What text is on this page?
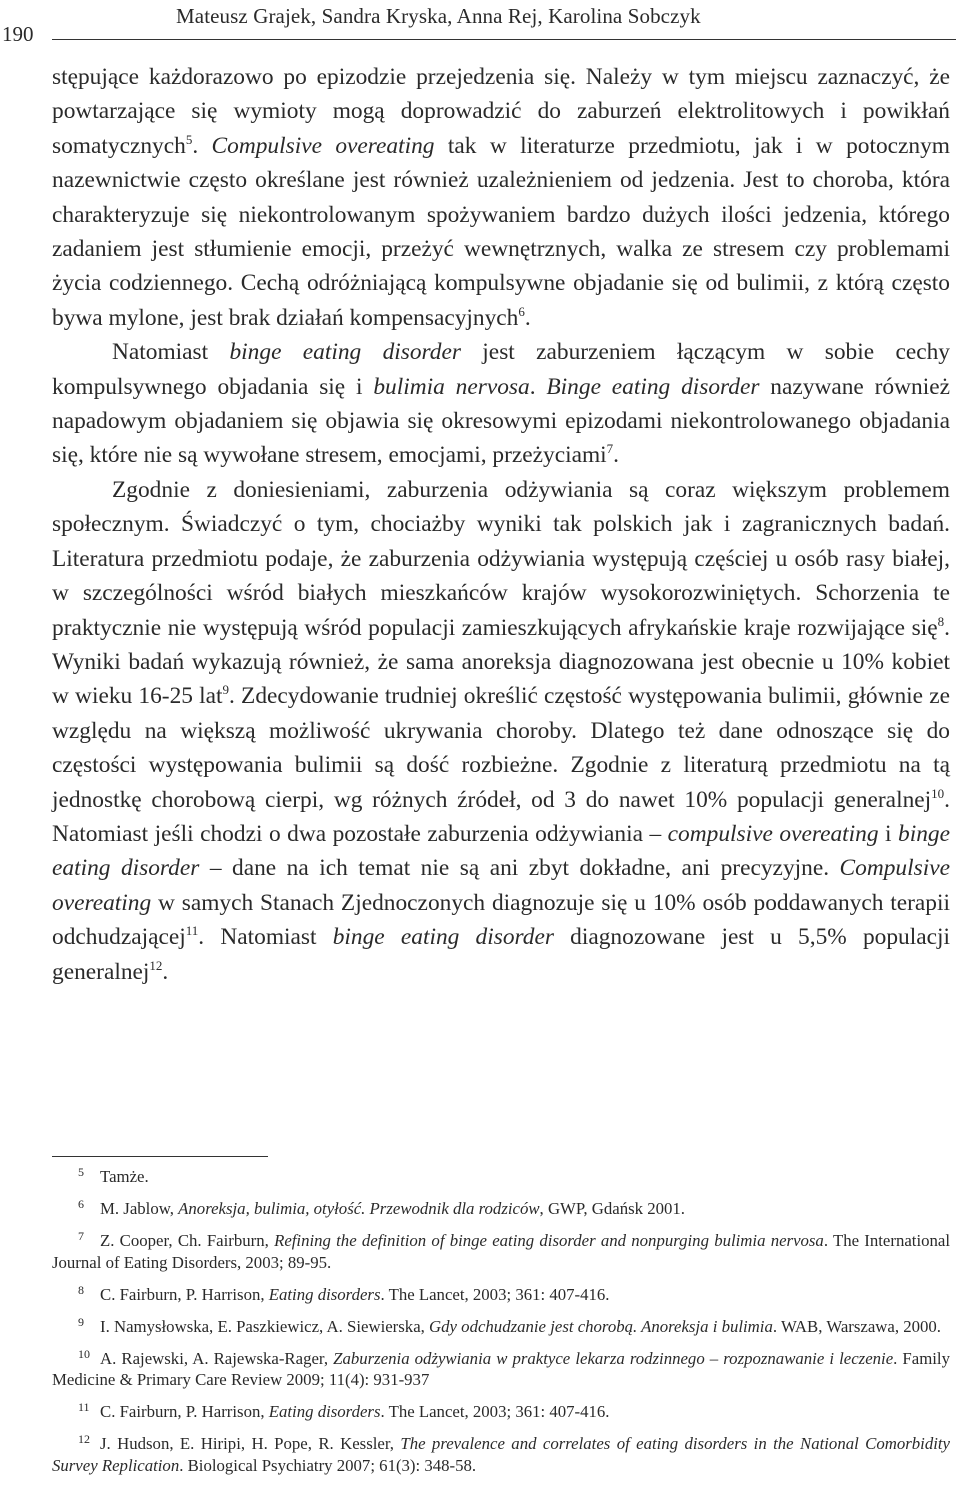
190
Mateusz Grajek, Sandra Kryska, Anna Rej, Karolina Sobczyk

stępujące każdorazowo po epizodzie przejedzenia się. Należy w tym miejscu zaznaczyć, że powtarzające się wymioty mogą doprowadzić do zaburzeń elektrolitowych i powikłań somatycznych$^5$. Compulsive overeating tak w literaturze przedmiotu, jak i w potocznym nazewnictwie często określane jest również uzależnieniem od jedzenia. Jest to choroba, która charakteryzuje się niekontrolowanym spożywaniem bardzo dużych ilości jedzenia, którego zadaniem jest stłumienie emocji, przeżyć wewnętrznych, walka ze stresem czy problemami życia codziennego. Cechą odróżniającą kompulsywne objadanie się od bulimii, z którą często bywa mylone, jest brak działań kompensacyjnych$^6$.

Natomiast binge eating disorder jest zaburzeniem łączącym w sobie cechy kompulsywnego objadania się i bulimia nervosa. Binge eating disorder nazywane również napadowym objadaniem się objawia się okresowymi epizodami niekontrolowanego objadania się, które nie są wywołane stresem, emocjami, przeżyciami$^7$.

Zgodnie z doniesieniami, zaburzenia odżywiania są coraz większym problemem społecznym. Świadczyć o tym, chociażby wyniki tak polskich jak i zagranicznych badań. Literatura przedmiotu podaje, że zaburzenia odżywiania występują częściej u osób rasy białej, w szczególności wśród białych mieszkańców krajów wysokorozwiniętych. Schorzenia te praktycznie nie występują wśród populacji zamieszkujących afrykańskie kraje rozwijające się$^8$. Wyniki badań wykazują również, że sama anoreksja diagnozowana jest obecnie u 10% kobiet w wieku 16-25 lat$^9$. Zdecydowanie trudniej określić częstość występowania bulimii, głównie ze względu na większą możliwość ukrywania choroby. Dlatego też dane odnoszące się do częstości występowania bulimii są dość rozbieżne. Zgodnie z literaturą przedmiotu na tą jednostkę chorobową cierpi, wg różnych źródeł, od 3 do nawet 10% populacji generalnej$^{10}$. Natomiast jeśli chodzi o dwa pozostałe zaburzenia odżywiania – compulsive overeating i binge eating disorder – dane na ich temat nie są ani zbyt dokładne, ani precyzyjne. Compulsive overeating w samych Stanach Zjednoczonych diagnozuje się u 10% osób poddawanych terapii odchudzającej$^{11}$. Natomiast binge eating disorder diagnozowane jest u 5,5% populacji generalnej$^{12}$.

5 Tamże.

6 M. Jablow, Anoreksja, bulimia, otyłość. Przewodnik dla rodziców, GWP, Gdańsk 2001.

7 Z. Cooper, Ch. Fairburn, Refining the definition of binge eating disorder and nonpurging bulimia nervosa. The International Journal of Eating Disorders, 2003; 89-95.

8 C. Fairburn, P. Harrison, Eating disorders. The Lancet, 2003; 361: 407-416.

9 I. Namysłowska, E. Paszkiewicz, A. Siewierska, Gdy odchudzanie jest chorobą. Anoreksja i bulimia. WAB, Warszawa, 2000.

10 A. Rajewski, A. Rajewska-Rager, Zaburzenia odżywiania w praktyce lekarza rodzinnego – rozpoznawanie i leczenie. Family Medicine & Primary Care Review 2009; 11(4): 931-937

11 C. Fairburn, P. Harrison, Eating disorders. The Lancet, 2003; 361: 407-416.

12 J. Hudson, E. Hiripi, H. Pope, R. Kessler, The prevalence and correlates of eating disorders in the National Comorbidity Survey Replication. Biological Psychiatry 2007; 61(3): 348-58.
